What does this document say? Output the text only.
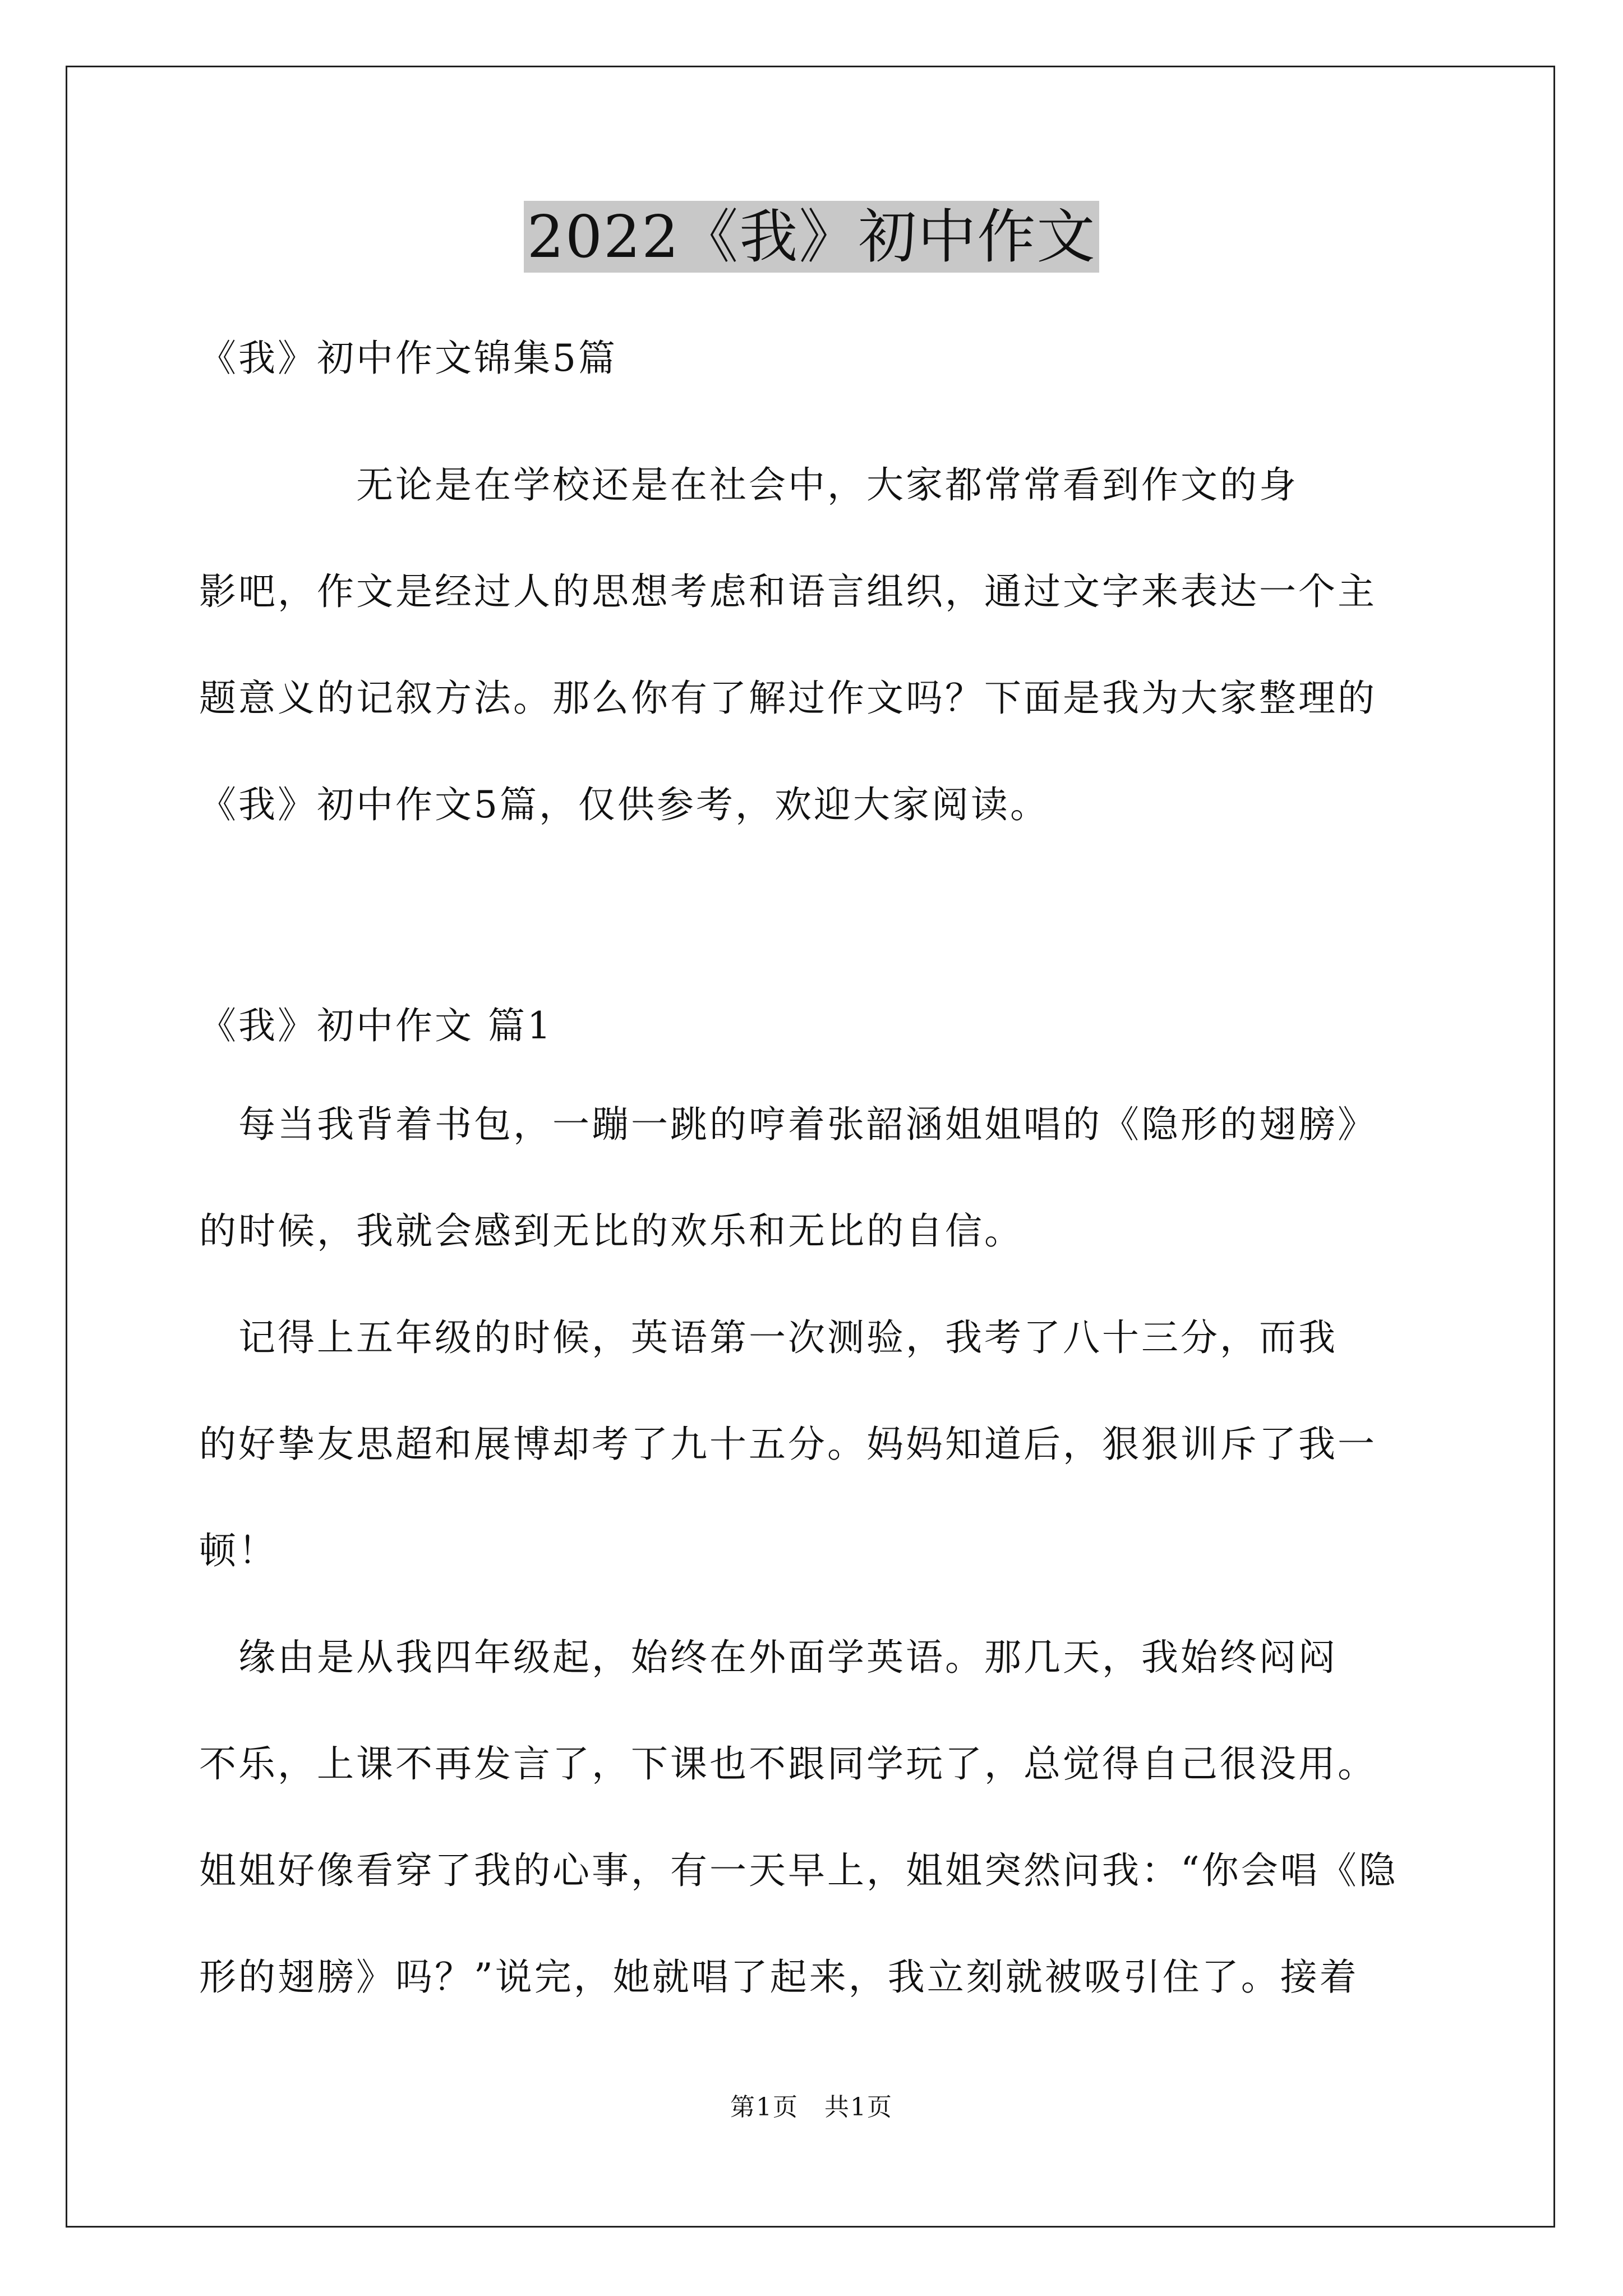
2022《我》初中作文
《我》初中作文锦集5篇
　　　　无论是在学校还是在社会中，大家都常常看到作文的身
影吧，作文是经过人的思想考虑和语言组织，通过文字来表达一个主
题意义的记叙方法。那么你有了解过作文吗？下面是我为大家整理的
《我》初中作文5篇，仅供参考，欢迎大家阅读。
《我》初中作文 篇1
　每当我背着书包，一蹦一跳的哼着张韶涵姐姐唱的《隐形的翅膀》
的时候，我就会感到无比的欢乐和无比的自信。
　记得上五年级的时候，英语第一次测验，我考了八十三分，而我
的好挚友思超和展博却考了九十五分。妈妈知道后，狠狠训斥了我一
顿！
　缘由是从我四年级起，始终在外面学英语。那几天，我始终闷闷
不乐，上课不再发言了，下课也不跟同学玩了，总觉得自己很没用。
姐姐好像看穿了我的心事，有一天早上，姐姐突然问我：“你会唱《隐
形的翅膀》吗？”说完，她就唱了起来，我立刻就被吸引住了。接着
第1页　共1页
